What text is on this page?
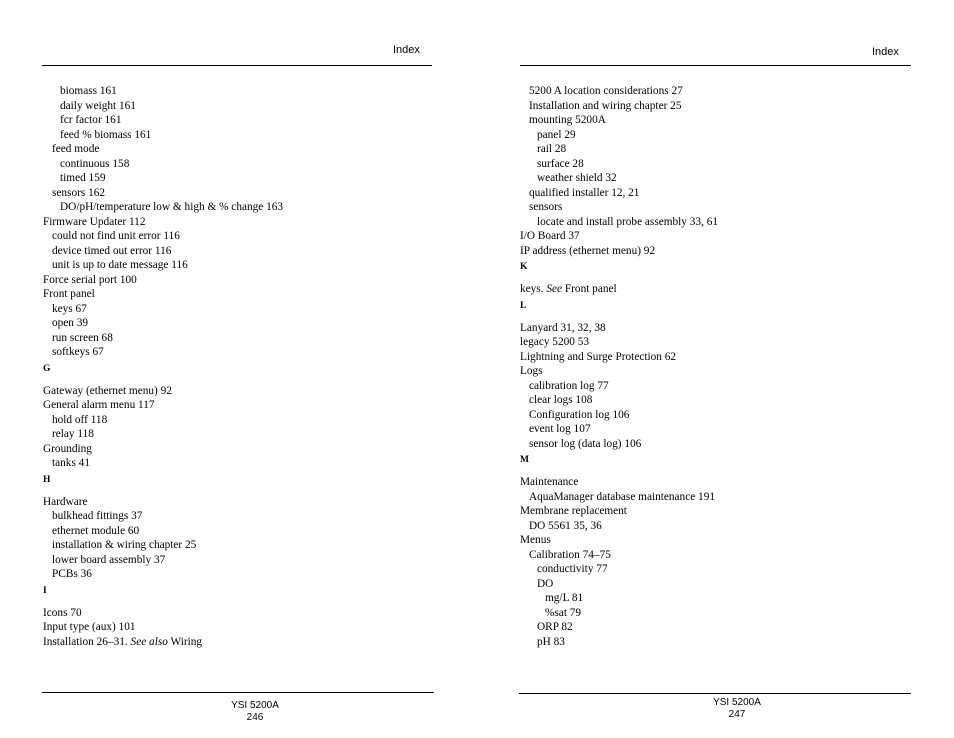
Index
biomass 161
daily weight 161
fcr factor 161
feed % biomass 161
feed mode
continuous 158
timed 159
sensors 162
DO/pH/temperature low & high & % change 163
Firmware Updater 112
could not find unit error 116
device timed out error 116
unit is up to date message 116
Force serial port 100
Front panel
keys 67
open 39
run screen 68
softkeys 67
G
Gateway (ethernet menu) 92
General alarm menu 117
hold off 118
relay 118
Grounding
tanks 41
H
Hardware
bulkhead fittings 37
ethernet module 60
installation & wiring chapter 25
lower board assembly 37
PCBs 36
I
Icons 70
Input type (aux) 101
Installation 26–31. See also Wiring
YSI 5200A
246
Index
5200 A location considerations 27
Installation and wiring chapter 25
mounting 5200A
panel 29
rail 28
surface 28
weather shield 32
qualified installer 12, 21
sensors
locate and install probe assembly 33, 61
I/O Board 37
IP address (ethernet menu) 92
K
keys. See Front panel
L
Lanyard 31, 32, 38
legacy 5200 53
Lightning and Surge Protection 62
Logs
calibration log 77
clear logs 108
Configuration log 106
event log 107
sensor log (data log) 106
M
Maintenance
AquaManager database maintenance 191
Membrane replacement
DO 5561 35, 36
Menus
Calibration 74–75
conductivity 77
DO
mg/L 81
%sat 79
ORP 82
pH 83
YSI 5200A
247
